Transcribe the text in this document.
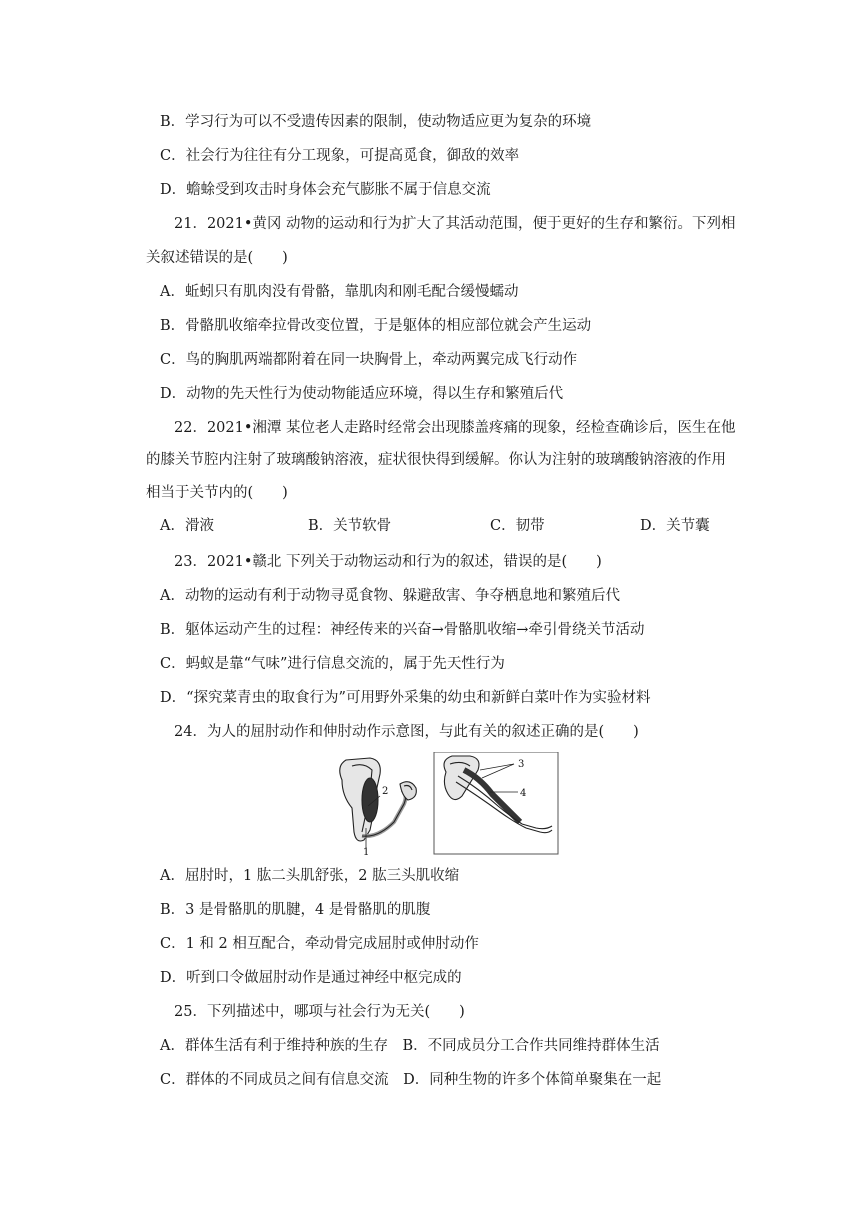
B．学习行为可以不受遗传因素的限制，使动物适应更为复杂的环境
C．社会行为往往有分工现象，可提高觅食，御敌的效率
D．蟾蜍受到攻击时身体会充气膨胀不属于信息交流
21．2021•黄冈 动物的运动和行为扩大了其活动范围，便于更好的生存和繁衍。下列相
关叙述错误的是(　　)
A．蚯蚓只有肌肉没有骨骼，靠肌肉和刚毛配合缓慢蠕动
B．骨骼肌收缩牵拉骨改变位置，于是躯体的相应部位就会产生运动
C．鸟的胸肌两端都附着在同一块胸骨上，牵动两翼完成飞行动作
D．动物的先天性行为使动物能适应环境，得以生存和繁殖后代
22．2021•湘潭 某位老人走路时经常会出现膝盖疼痛的现象，经检查确诊后，医生在他
的膝关节腔内注射了玻璃酸钠溶液，症状很快得到缓解。你认为注射的玻璃酸钠溶液的作用
相当于关节内的(　　)
A．滑液	B．关节软骨	C．韧带	D．关节囊
23．2021•赣北 下列关于动物运动和行为的叙述，错误的是(　　)
A．动物的运动有利于动物寻觅食物、躲避敌害、争夺栖息地和繁殖后代
B．躯体运动产生的过程：神经传来的兴奋→骨骼肌收缩→牵引骨绕关节活动
C．蚂蚁是靠“气味”进行信息交流的，属于先天性行为
D．“探究菜青虫的取食行为”可用野外采集的幼虫和新鲜白菜叶作为实验材料
24．为人的屈肘动作和伸肘动作示意图，与此有关的叙述正确的是(　　)
2
1
3
4
A．屈肘时，1 肱二头肌舒张，2 肱三头肌收缩
B．3 是骨骼肌的肌腱，4 是骨骼肌的肌腹
C．1 和 2 相互配合，牵动骨完成屈肘或伸肘动作
D．听到口令做屈肘动作是通过神经中枢完成的
25．下列描述中，哪项与社会行为无关(　　)
A．群体生活有利于维持种族的生存　B．不同成员分工合作共同维持群体生活
C．群体的不同成员之间有信息交流　D．同种生物的许多个体简单聚集在一起
